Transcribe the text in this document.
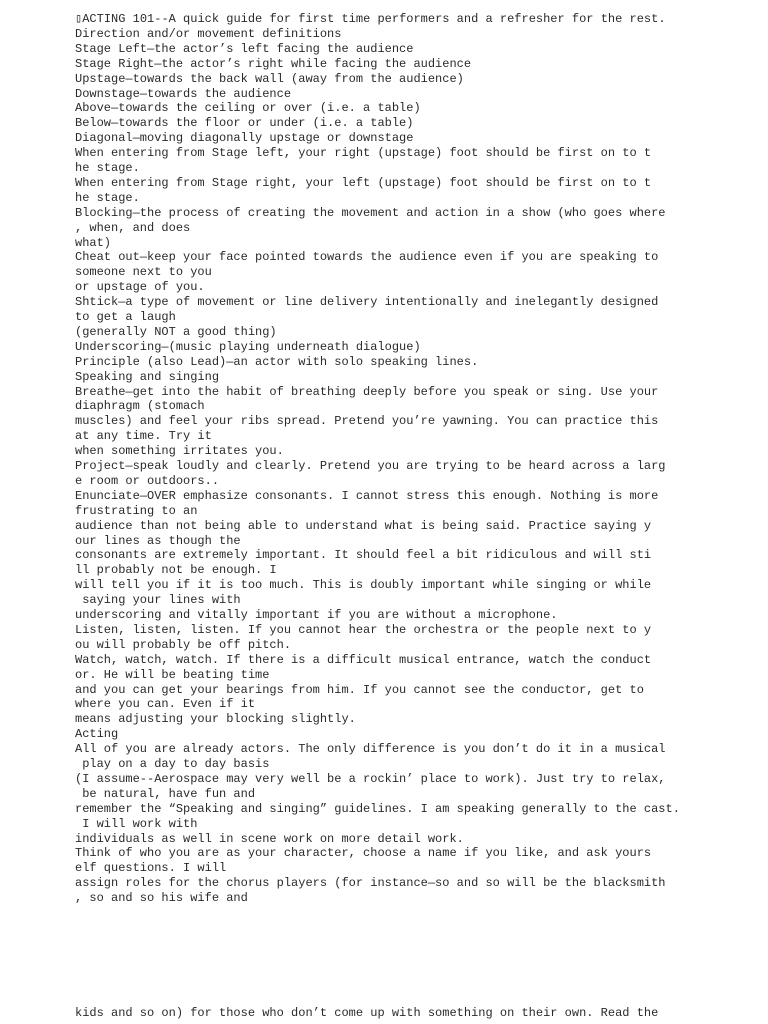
▯ACTING 101--A quick guide for first time performers and a refresher for the rest.

Direction and/or movement definitions

Stage Left—the actor’s left facing the audience

Stage Right—the actor’s right while facing the audience

Upstage—towards the back wall (away from the audience)

Downstage—towards the audience

Above—towards the ceiling or over (i.e. a table)

Below—towards the floor or under (i.e. a table)

Diagonal—moving diagonally upstage or downstage

When entering from Stage left, your right (upstage) foot should be first on to t

he stage.

When entering from Stage right, your left (upstage) foot should be first on to t

he stage.

Blocking—the process of creating the movement and action in a show (who goes where

, when, and does

what)

Cheat out—keep your face pointed towards the audience even if you are speaking to

someone next to you

or upstage of you.

Shtick—a type of movement or line delivery intentionally and inelegantly designed

to get a laugh

(generally NOT a good thing)

Underscoring—(music playing underneath dialogue)

Principle (also Lead)—an actor with solo speaking lines.

Speaking and singing

Breathe—get into the habit of breathing deeply before you speak or sing. Use your

diaphragm (stomach

muscles) and feel your ribs spread. Pretend you’re yawning. You can practice this

at any time. Try it

when something irritates you.

Project—speak loudly and clearly. Pretend you are trying to be heard across a larg

e room or outdoors..

Enunciate—OVER emphasize consonants. I cannot stress this enough. Nothing is more

frustrating to an

audience than not being able to understand what is being said. Practice saying y

our lines as though the

consonants are extremely important. It should feel a bit ridiculous and will sti

ll probably not be enough. I

will tell you if it is too much. This is doubly important while singing or while

saying your lines with

underscoring and vitally important if you are without a microphone.

Listen, listen, listen. If you cannot hear the orchestra or the people next to y

ou will probably be off pitch.

Watch, watch, watch. If there is a difficult musical entrance, watch the conduct

or. He will be beating time

and you can get your bearings from him. If you cannot see the conductor, get to

where you can. Even if it

means adjusting your blocking slightly.

Acting

All of you are already actors. The only difference is you don’t do it in a musical

play on a day to day basis

(I assume--Aerospace may very well be a rockin’ place to work). Just try to relax,

be natural, have fun and

remember the “Speaking and singing” guidelines. I am speaking generally to the cast.

I will work with

individuals as well in scene work on more detail work.

Think of who you are as your character, choose a name if you like, and ask yours

elf questions. I will

assign roles for the chorus players (for instance—so and so will be the blacksmith

, so and so his wife and

kids and so on) for those who don’t come up with something on their own. Read the
